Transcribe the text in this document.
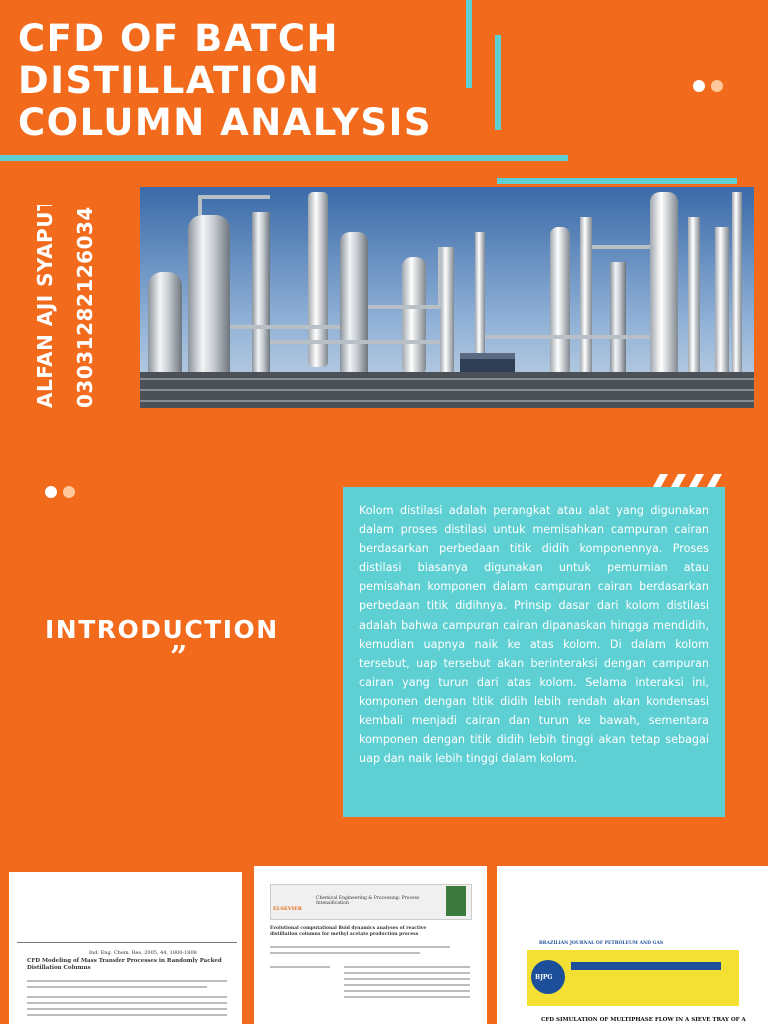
CFD OF BATCH
DISTILLATION
COLUMN ANALYSIS
ALFAN AJI SYAPUTRA 03031282126034
INTRODUCTION
”

Kolom distilasi adalah perangkat atau alat yang digunakan dalam proses distilasi untuk memisahkan campuran cairan berdasarkan perbedaan titik didih komponennya. Proses distilasi biasanya digunakan untuk pemurnian atau pemisahan komponen dalam campuran cairan berdasarkan perbedaan titik didihnya. Prinsip dasar dari kolom distilasi adalah bahwa campuran cairan dipanaskan hingga mendidih, kemudian uapnya naik ke atas kolom. Di dalam kolom tersebut, uap tersebut akan berinteraksi dengan campuran cairan yang turun dari atas kolom. Selama interaksi ini, komponen dengan titik didih lebih rendah akan kondensasi kembali menjadi cairan dan turun ke bawah, sementara komponen dengan titik didih lebih tinggi akan tetap sebagai uap dan naik lebih tinggi dalam kolom.

Ind. Eng. Chem. Res. 2005, 44, 1800-1808
CFD Modeling of Mass Transfer Processes in Randomly Packed Distillation Columns
ELSEVIER
Chemical Engineering & Processing: Process Intensification
Evolutional computational fluid dynamics analyses of reactive distillation columns for methyl acetate production process
BRAZILIAN JOURNAL OF PETROLEUM AND GAS
BJPG
CFD SIMULATION OF MULTIPHASE FLOW IN A SIEVE TRAY OF A
